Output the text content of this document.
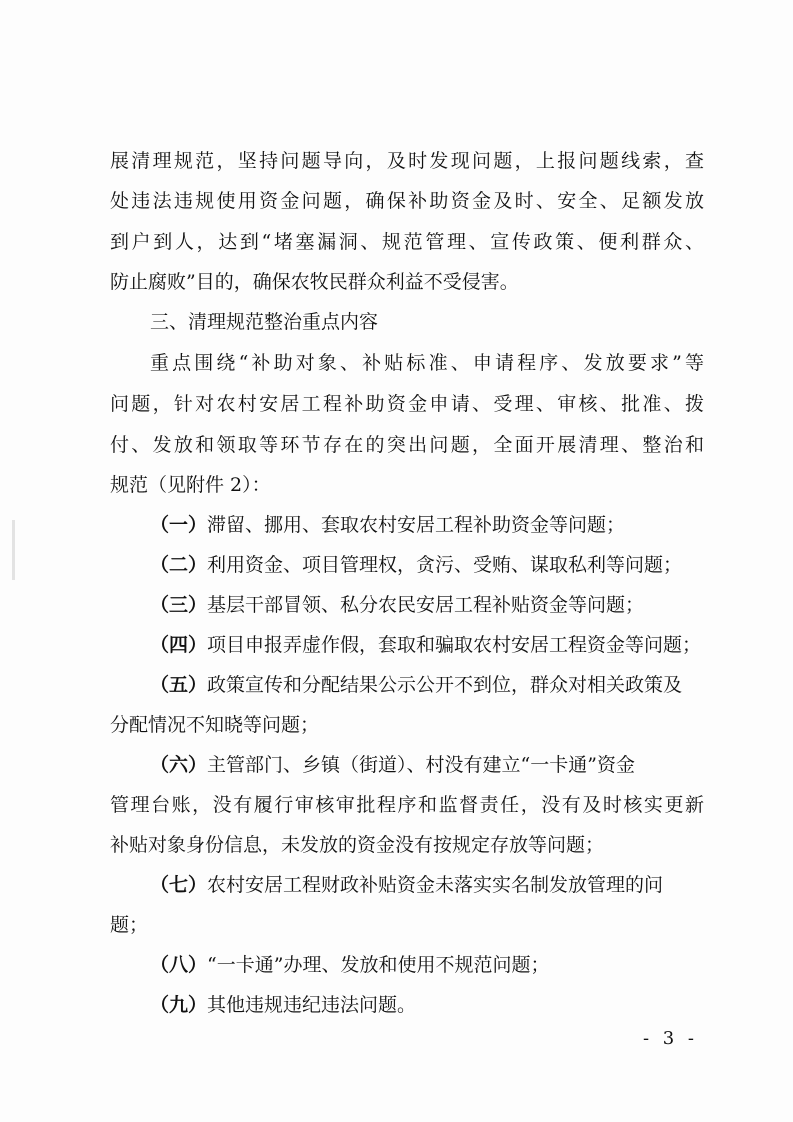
展清理规范，坚持问题导向，及时发现问题，上报问题线索，查
处违法违规使用资金问题，确保补助资金及时、安全、足额发放
到户到人，达到“堵塞漏洞、规范管理、宣传政策、便利群众、
防止腐败”目的，确保农牧民群众利益不受侵害。
三、清理规范整治重点内容
重点围绕“补助对象、补贴标准、申请程序、发放要求”等
问题，针对农村安居工程补助资金申请、受理、审核、批准、拨
付、发放和领取等环节存在的突出问题，全面开展清理、整治和
规范（见附件 2）：
（一）滞留、挪用、套取农村安居工程补助资金等问题；
（二）利用资金、项目管理权，贪污、受贿、谋取私利等问题；
（三）基层干部冒领、私分农民安居工程补贴资金等问题；
（四）项目申报弄虚作假，套取和骗取农村安居工程资金等问题；
（五）政策宣传和分配结果公示公开不到位，群众对相关政策及
分配情况不知晓等问题；
（六）主管部门、乡镇（街道）、村没有建立“一卡通”资金
管理台账，没有履行审核审批程序和监督责任，没有及时核实更新
补贴对象身份信息，未发放的资金没有按规定存放等问题；
（七）农村安居工程财政补贴资金未落实实名制发放管理的问
题；
（八）“一卡通”办理、发放和使用不规范问题；
（九）其他违规违纪违法问题。
- 3 -
